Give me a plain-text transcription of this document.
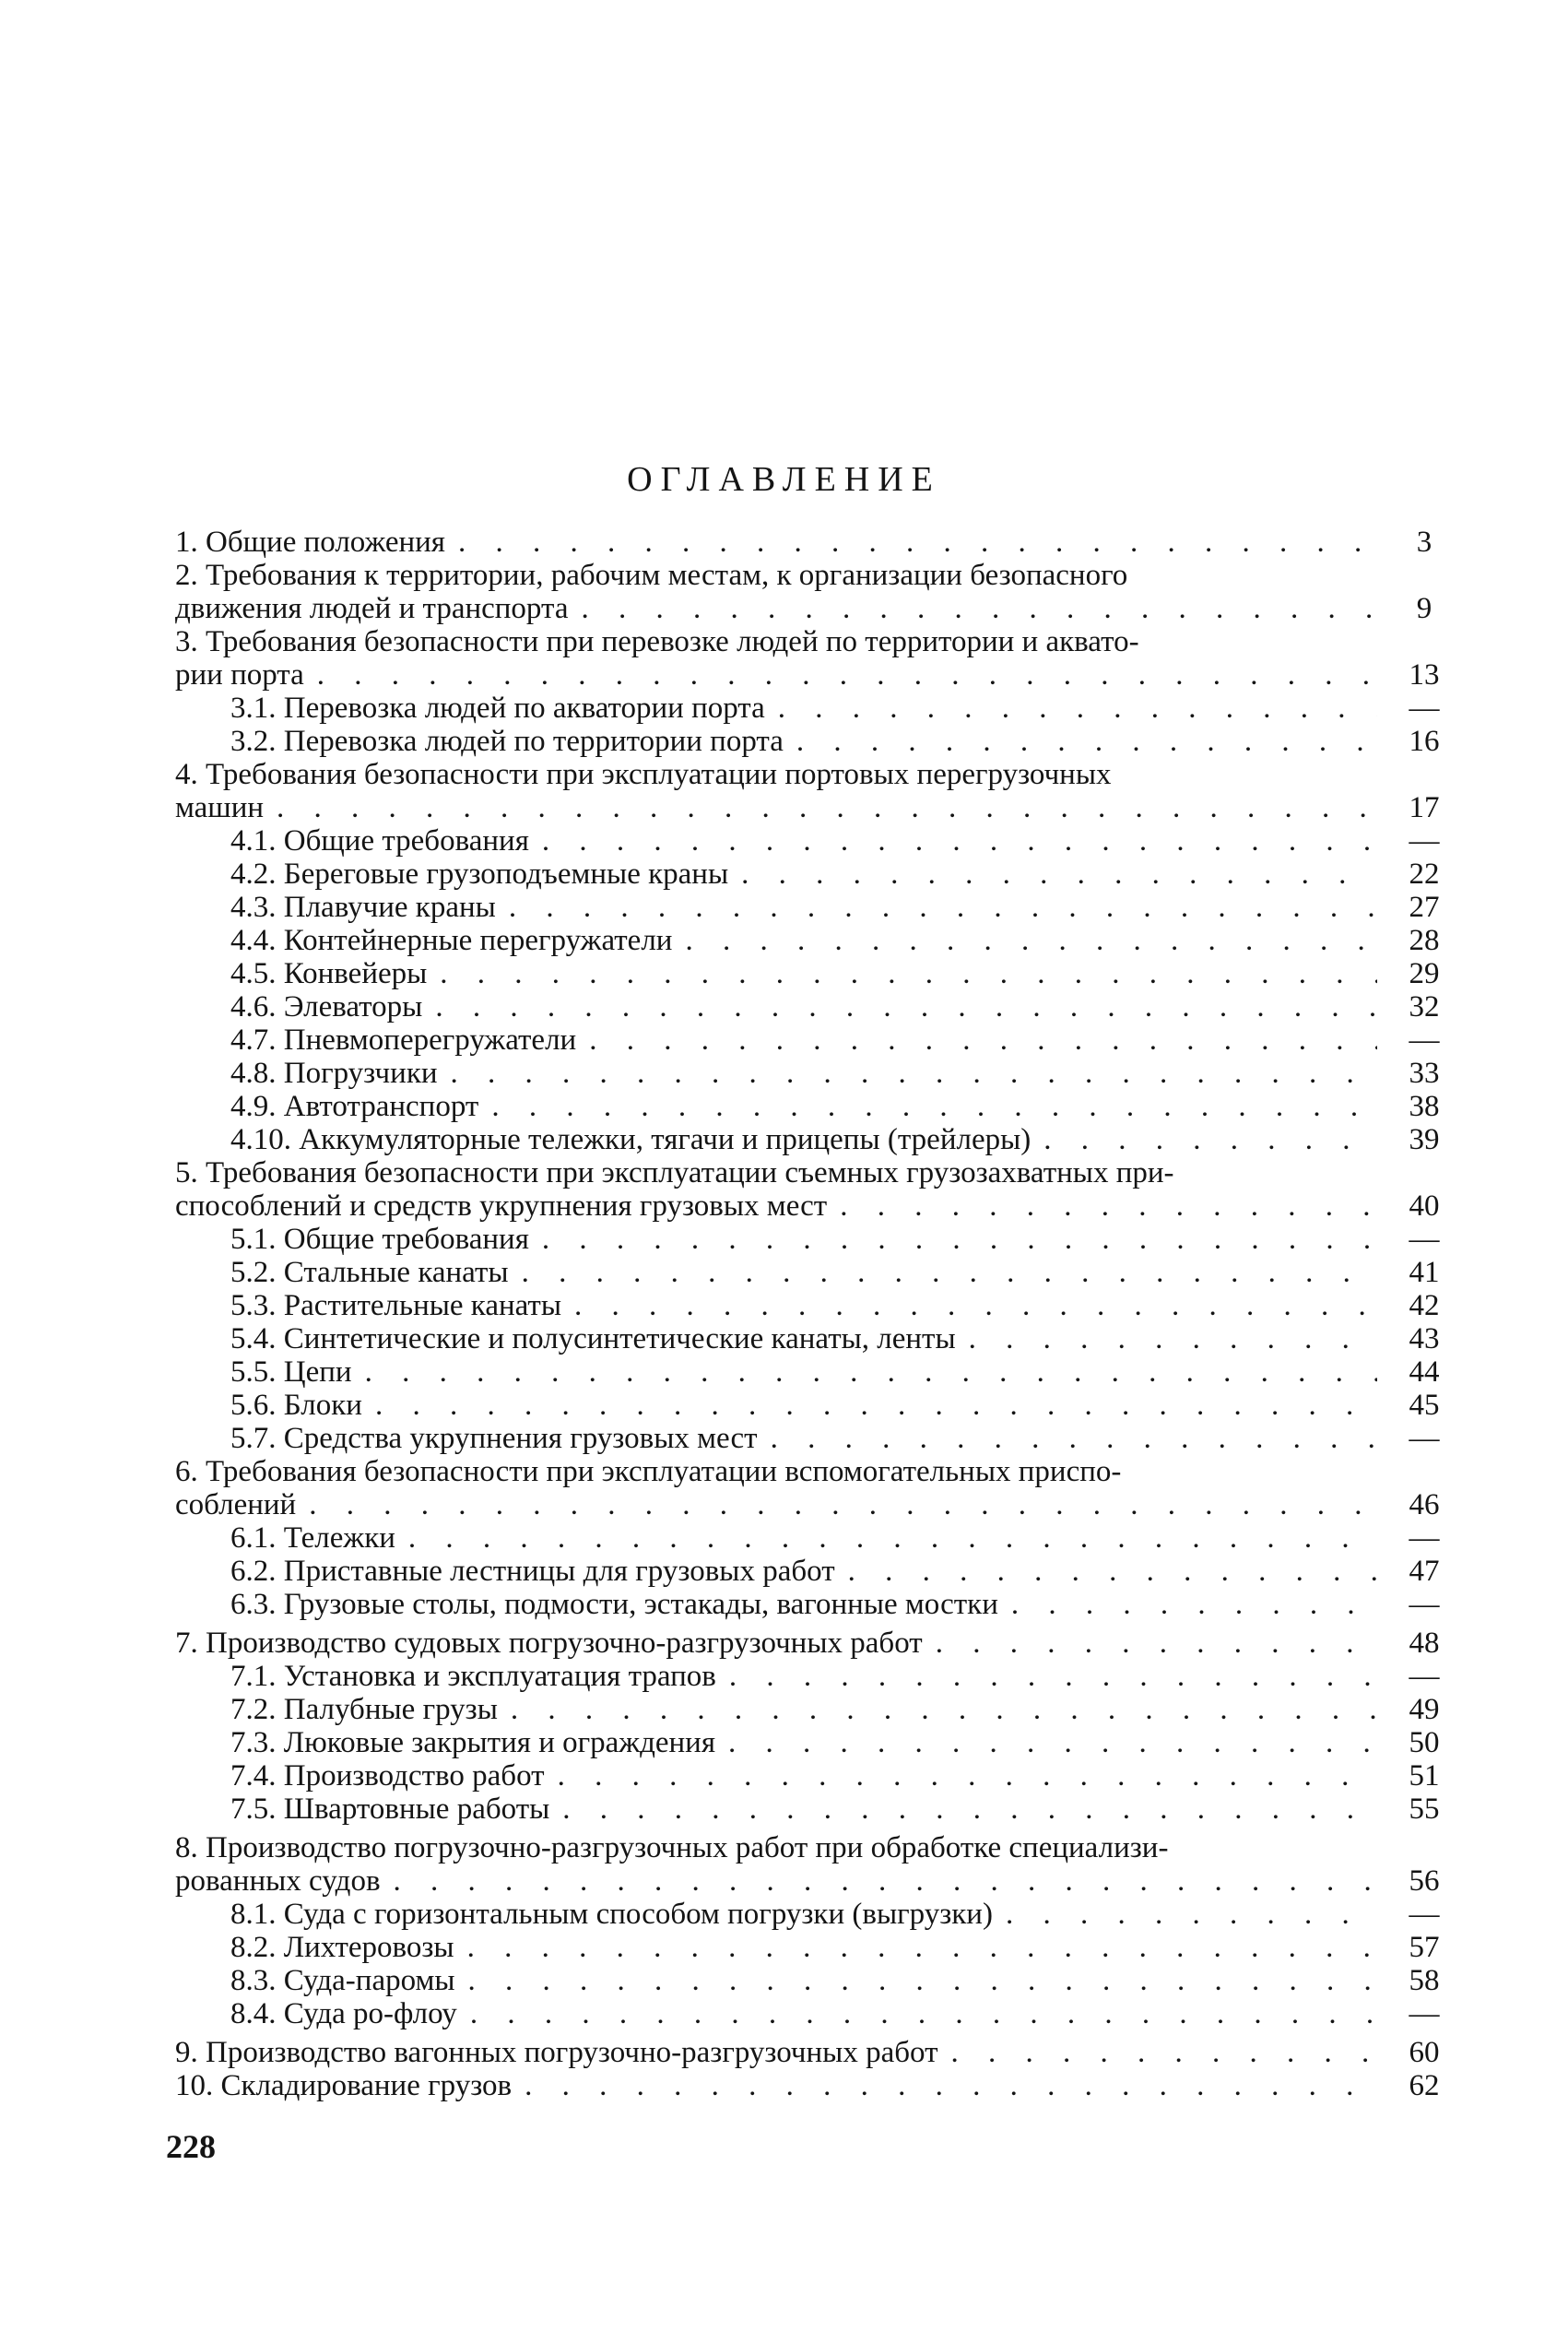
ОГЛАВЛЕНИЕ
1. Общие положения . . .	3
2. Требования к территории, рабочим местам, к организации безопасного
движения людей и транспорта . . .	9
3. Требования безопасности при перевозке людей по территории и аквато-
рии порта . . .	13
3.1. Перевозка людей по акватории порта . . .	—
3.2. Перевозка людей по территории порта . . .	16
4. Требования безопасности при эксплуатации портовых перегрузочных
машин . . .	17
4.1. Общие требования . . .	—
4.2. Береговые грузоподъемные краны . . .	22
4.3. Плавучие краны . . .	27
4.4. Контейнерные перегружатели . . .	28
4.5. Конвейеры . . .	29
4.6. Элеваторы . . .	32
4.7. Пневмоперегружатели . . .	—
4.8. Погрузчики . . .	33
4.9. Автотранспорт . . .	38
4.10. Аккумуляторные тележки, тягачи и прицепы (трейлеры) . . .	39
5. Требования безопасности при эксплуатации съемных грузозахватных при-
способлений и средств укрупнения грузовых мест . . .	40
5.1. Общие требования . . .	—
5.2. Стальные канаты . . .	41
5.3. Растительные канаты . . .	42
5.4. Синтетические и полусинтетические канаты, ленты . . .	43
5.5. Цепи . . .	44
5.6. Блоки . . .	45
5.7. Средства укрупнения грузовых мест . . .	—
6. Требования безопасности при эксплуатации вспомогательных приспо-
соблений . . .	46
6.1. Тележки . . .	—
6.2. Приставные лестницы для грузовых работ . . .	47
6.3. Грузовые столы, подмости, эстакады, вагонные мостки . . .	—
7. Производство судовых погрузочно-разгрузочных работ . . .	48
7.1. Установка и эксплуатация трапов . . .	—
7.2. Палубные грузы . . .	49
7.3. Люковые закрытия и ограждения . . .	50
7.4. Производство работ . . .	51
7.5. Швартовные работы . . .	55
8. Производство погрузочно-разгрузочных работ при обработке специализи-
рованных судов . . .	56
8.1. Суда с горизонтальным способом погрузки (выгрузки) . . .	—
8.2. Лихтеровозы . . .	57
8.3. Суда-паромы . . .	58
8.4. Суда ро-флоу . . .	—
9. Производство вагонных погрузочно-разгрузочных работ . . .	60
10. Складирование грузов . . .	62
228
